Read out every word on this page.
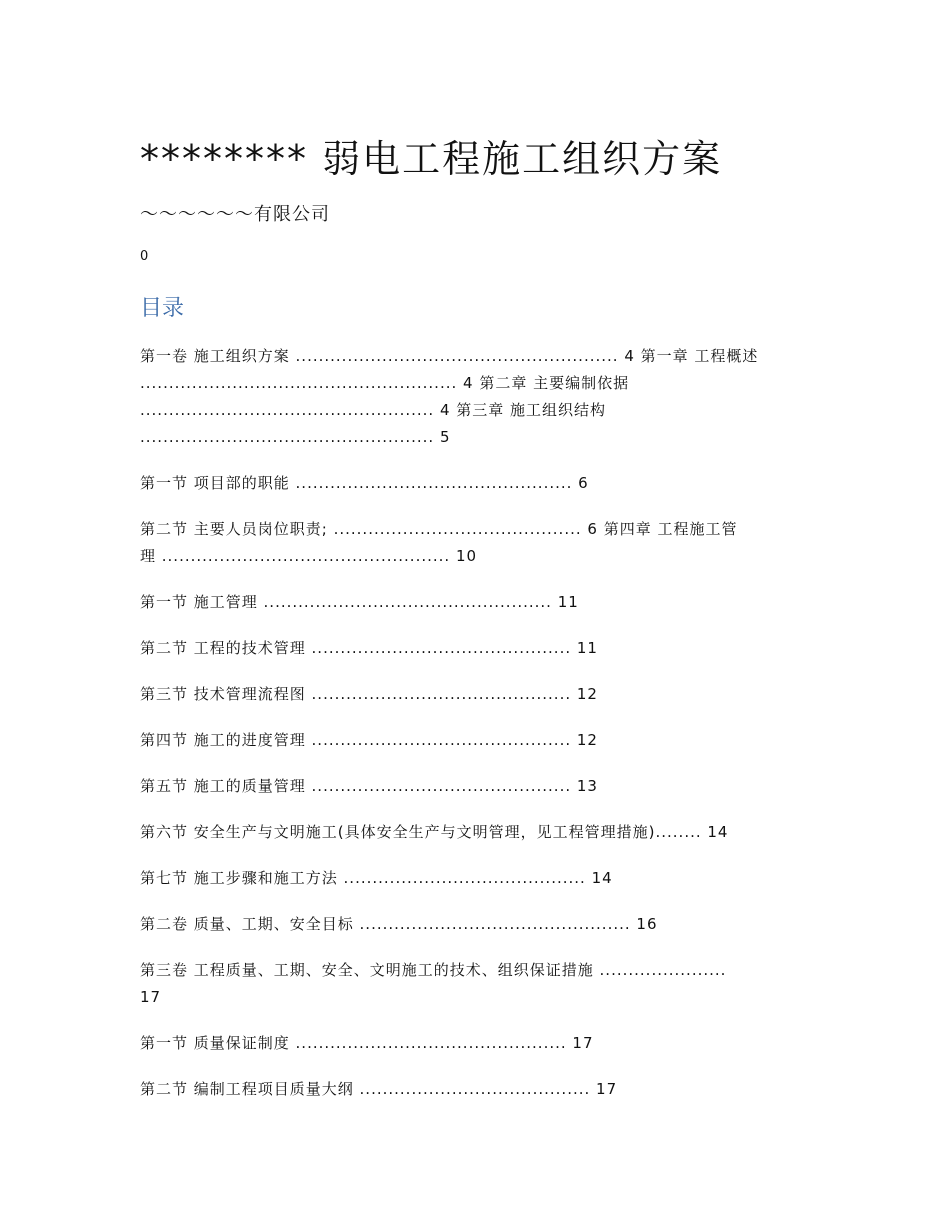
******** 弱电工程施工组织方案
～～～～～～有限公司
0
目录
第一卷 施工组织方案 ........................................................ 4 第一章 工程概述
....................................................... 4 第二章 主要编制依据
................................................... 4 第三章 施工组织结构
................................................... 5
第一节 项目部的职能 ................................................ 6
第二节 主要人员岗位职责; ........................................... 6 第四章 工程施工管
理 .................................................. 10
第一节 施工管理 .................................................. 11
第二节 工程的技术管理 ............................................. 11
第三节 技术管理流程图 ............................................. 12
第四节 施工的进度管理 ............................................. 12
第五节 施工的质量管理 ............................................. 13
第六节 安全生产与文明施工(具体安全生产与文明管理，见工程管理措施)........ 14
第七节 施工步骤和施工方法 .......................................... 14
第二卷 质量、工期、安全目标 ............................................... 16
第三卷 工程质量、工期、安全、文明施工的技术、组织保证措施 ......................
17
第一节 质量保证制度 ............................................... 17
第二节 编制工程项目质量大纲 ........................................ 17
